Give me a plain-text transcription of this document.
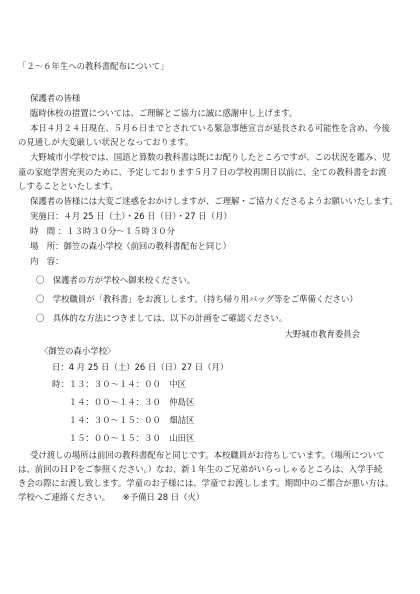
「２～６年生への教科書配布について」
保護者の皆様
臨時休校の措置については、ご理解とご協力に誠に感謝申し上げます。
本日４月２４日現在、５月６日までとされている緊急事態宣言が延長される可能性を含め、今後
の見通しが大変厳しい状況となっております。
大野城市小学校では、国語と算数の教科書は既にお配りしたところですが、この状況を鑑み、児
童の家庭学習充実のために、予定しております５月７日の学校再開日以前に、全ての教科書をお渡
しすることといたします。
保護者の皆様には大変ご迷惑をおかけしますが、ご理解・ご協力くださるようお願いいたします。
実施日：４月 25 日（土）・26 日（日）・27 日（月）
時　間 ：１３時３０分～１５時３０分
場　所：御笠の森小学校（前回の教科書配布と同じ）
内　容：
〇　保護者の方が学校へ御来校ください。
〇　学校職員が「教科書」をお渡しします。（持ち帰り用バッグ等をご準備ください）
〇　具体的な方法につきましては、以下の計画をご確認ください。
大野城市教育委員会
〈御笠の森小学校〉
日：4 月 25 日（土）26 日（日）27 日（月）
時：１３：３０～１４：００　中区
　　１４：００～１４：３０　仲島区
　　１４：３０～１５：００　畑詰区
　　１５：００～１５：３０　山田区
受け渡しの場所は前回の教科書配布と同じです。本校職員がお待ちしています。（場所について
は、前回のＨＰをご参照ください。）なお、新１年生のご兄弟がいらっしゃるところは、入学手続
き会の際にお渡し致します。学童のお子様には、学童でお渡しします。期間中のご都合が悪い方は、
学校へご連絡ください。　　※予備日 28 日（火）
